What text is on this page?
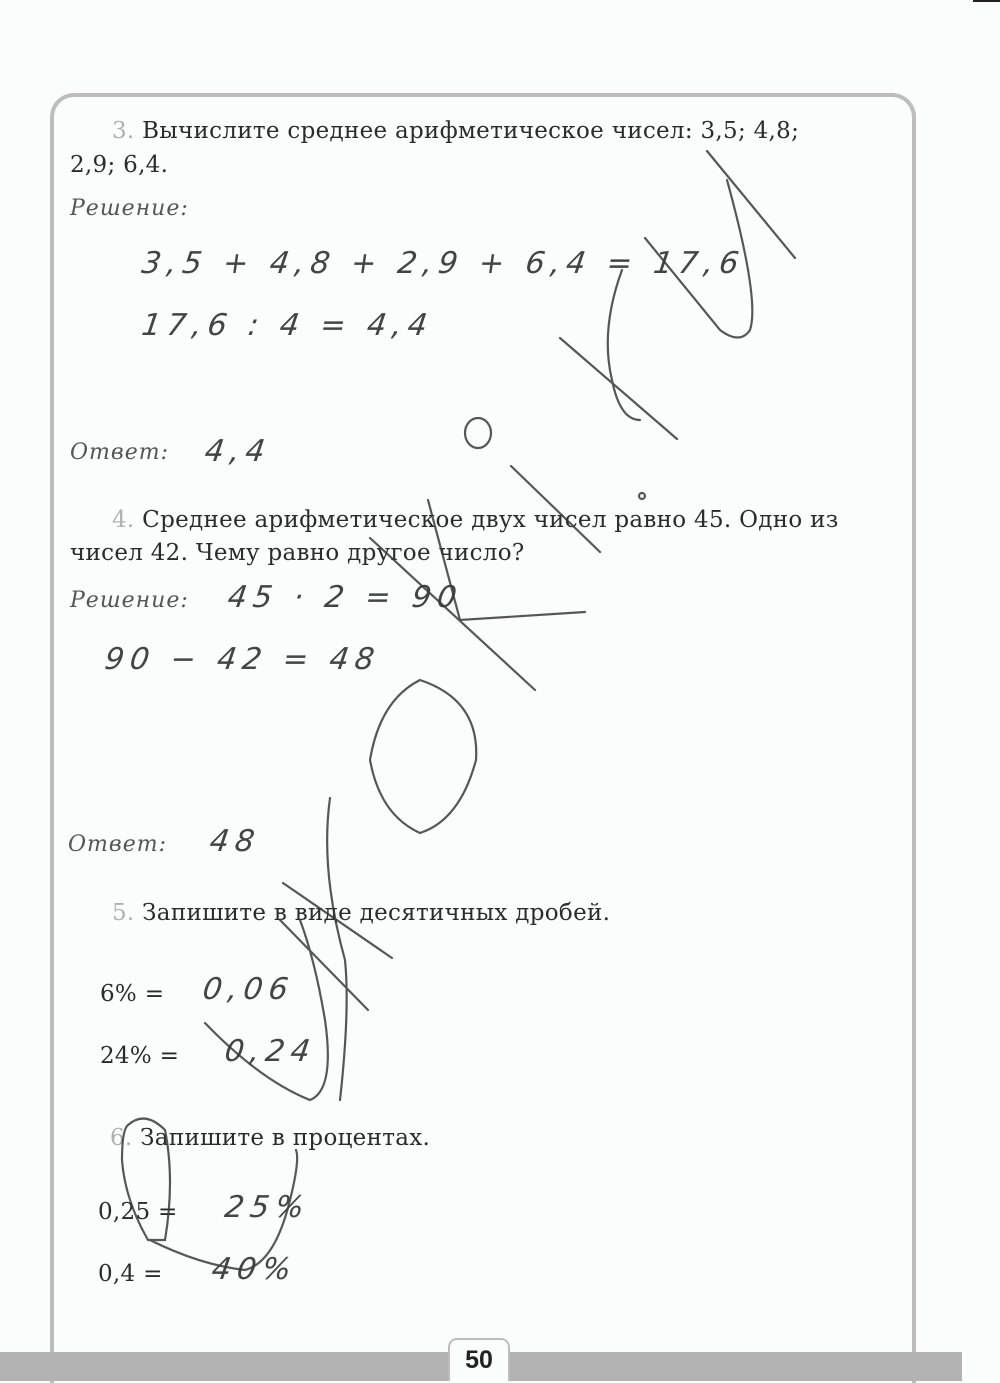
3. Вычислите среднее арифметическое чисел: 3,5; 4,8;
2,9; 6,4.
Решение:
3,5 + 4,8 + 2,9 + 6,4 = 17,6
17,6 : 4 = 4,4
Ответ: 4,4
4. Среднее арифметическое двух чисел равно 45. Одно из
чисел 42. Чему равно другое число?
Решение: 45 · 2 = 90
90 − 42 = 48
Ответ: 48
5. Запишите в виде десятичных дробей.
6% = 0,06
24% = 0,24
6. Запишите в процентах.
0,25 = 25%
0,4 = 40%
50
